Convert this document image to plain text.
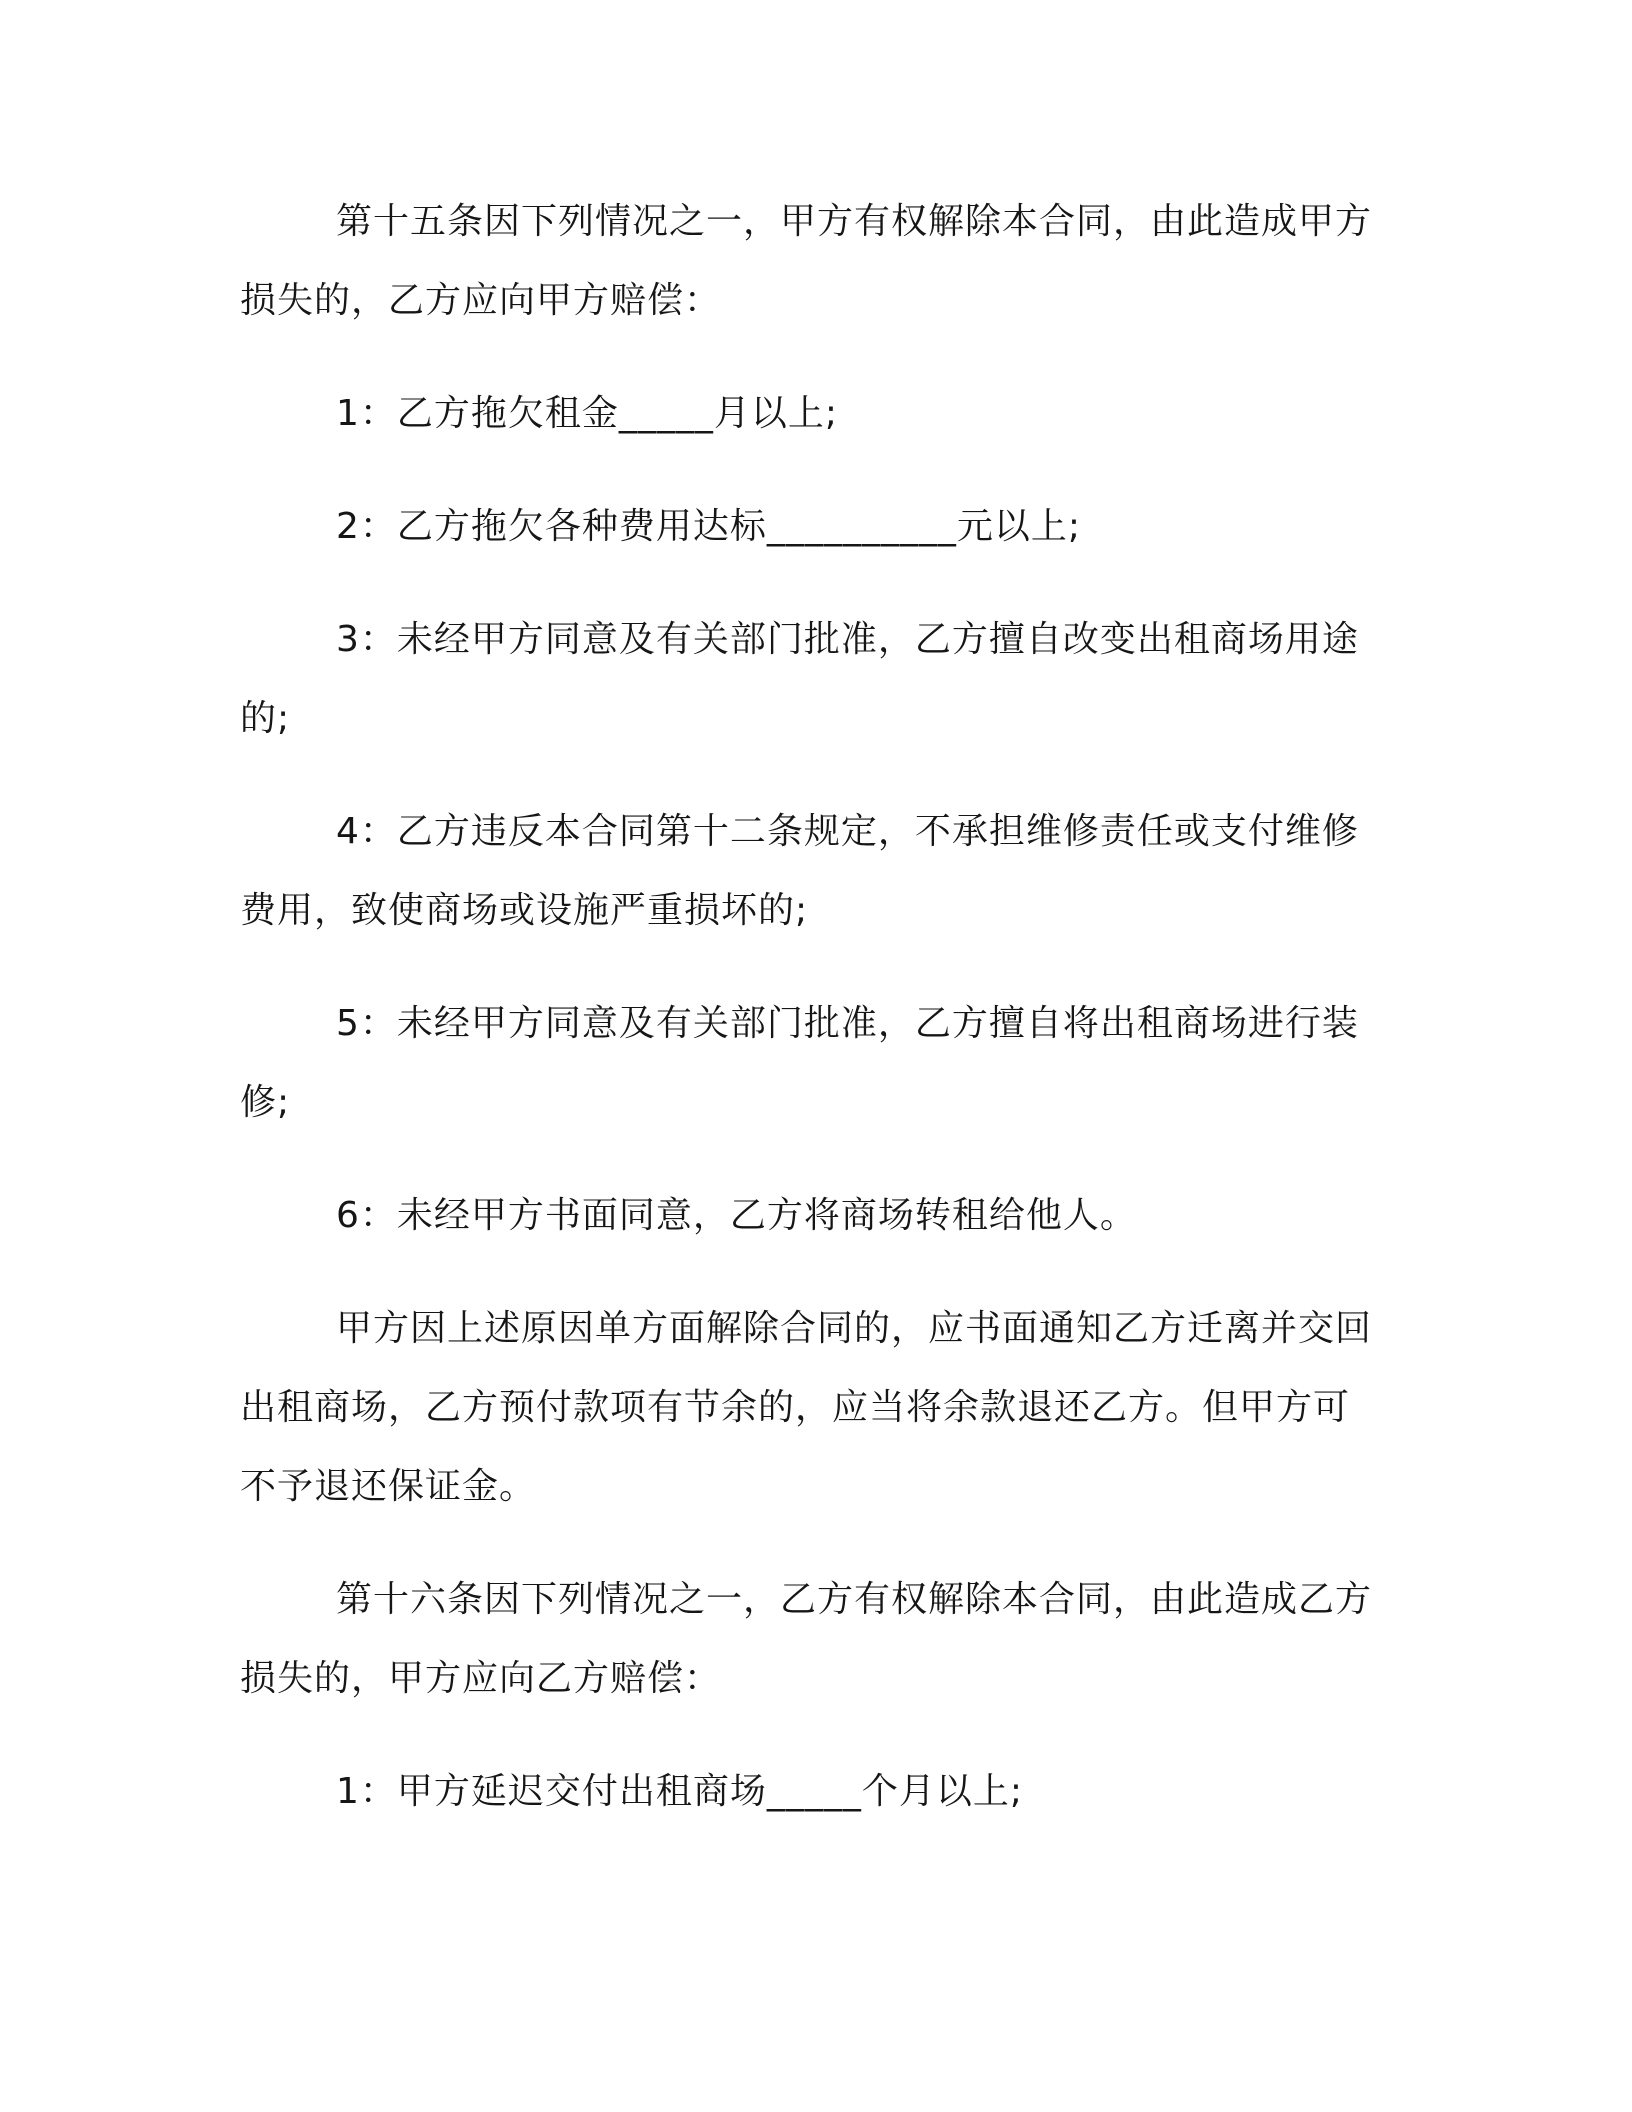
第十五条因下列情况之一，甲方有权解除本合同，由此造成甲方损失的，乙方应向甲方赔偿：

1：乙方拖欠租金_____月以上;

2：乙方拖欠各种费用达标__________元以上;

3：未经甲方同意及有关部门批准，乙方擅自改变出租商场用途的;

4：乙方违反本合同第十二条规定，不承担维修责任或支付维修费用，致使商场或设施严重损坏的;

5：未经甲方同意及有关部门批准，乙方擅自将出租商场进行装修;

6：未经甲方书面同意，乙方将商场转租给他人。

甲方因上述原因单方面解除合同的，应书面通知乙方迁离并交回出租商场，乙方预付款项有节余的，应当将余款退还乙方。但甲方可不予退还保证金。

第十六条因下列情况之一，乙方有权解除本合同，由此造成乙方损失的，甲方应向乙方赔偿：

1：甲方延迟交付出租商场_____个月以上;
